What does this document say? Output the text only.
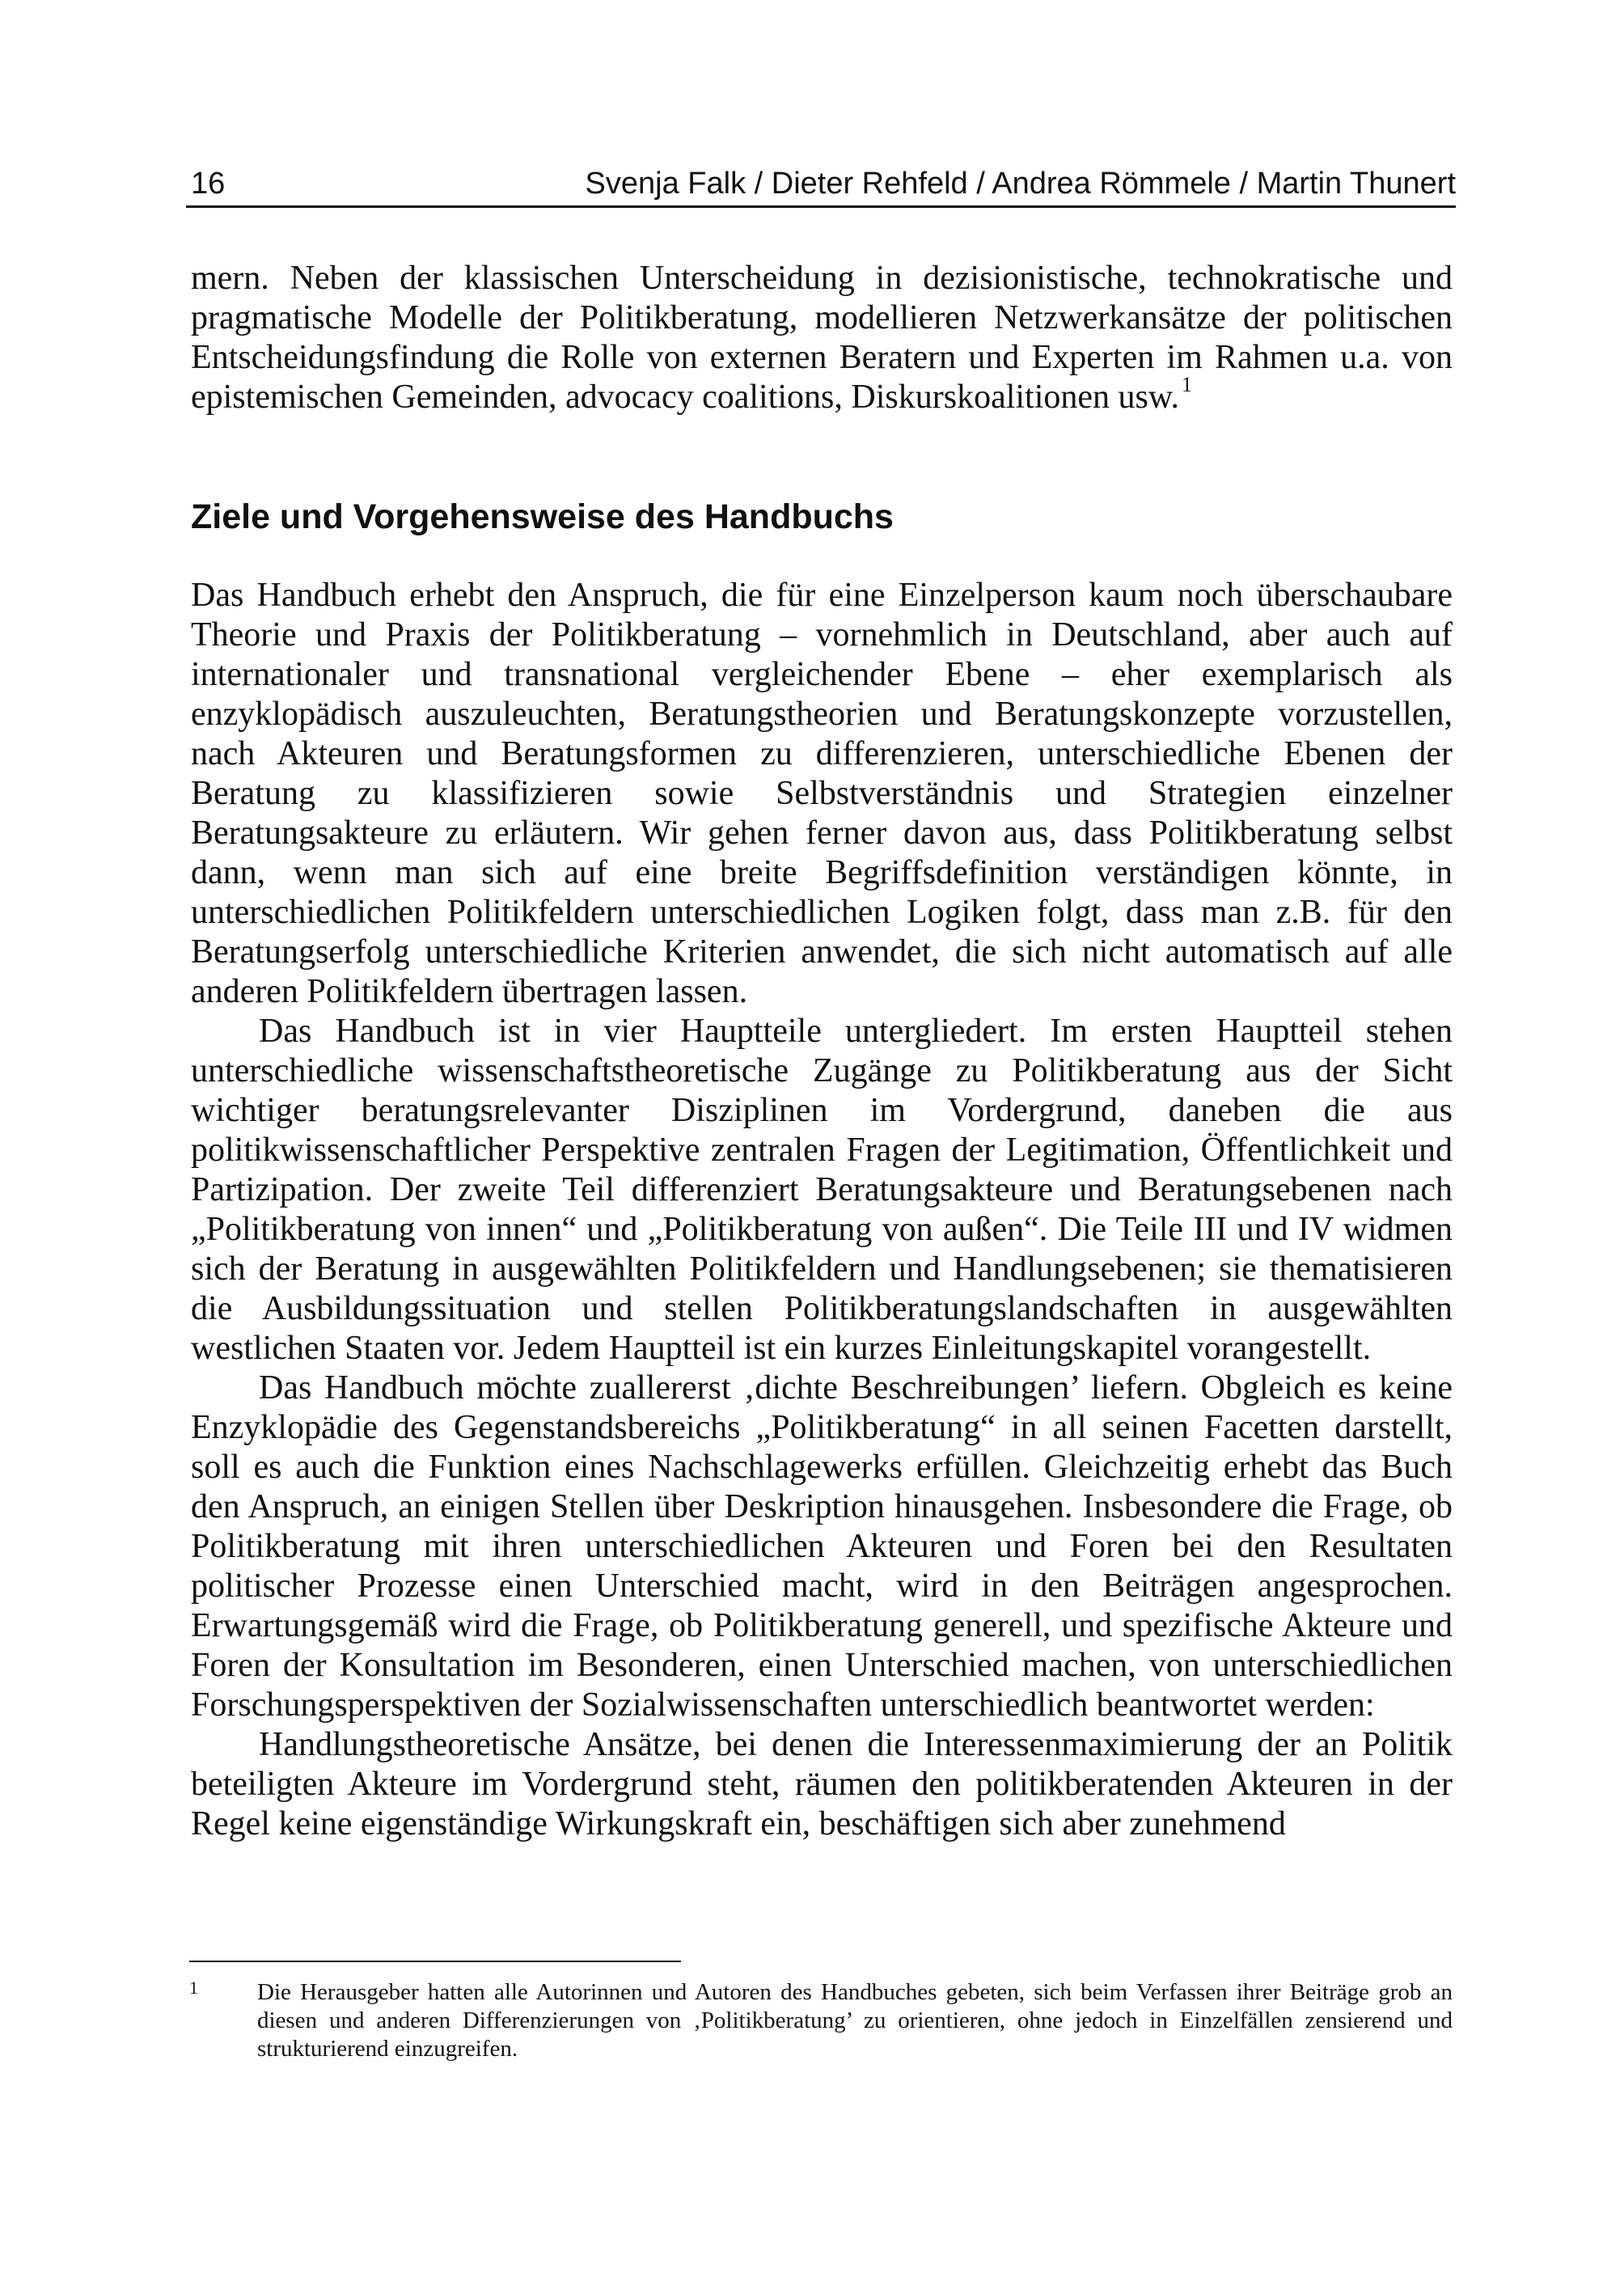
16	Svenja Falk / Dieter Rehfeld / Andrea Römmele / Martin Thunert

mern. Neben der klassischen Unterscheidung in dezisionistische, technokratische und pragmatische Modelle der Politikberatung, modellieren Netzwerkansätze der politischen Entscheidungsfindung die Rolle von externen Beratern und Experten im Rahmen u.a. von epistemischen Gemeinden, advocacy coalitions, Diskurskoalitionen usw. $^1$

Ziele und Vorgehensweise des Handbuchs

Das Handbuch erhebt den Anspruch, die für eine Einzelperson kaum noch überschaubare Theorie und Praxis der Politikberatung – vornehmlich in Deutschland, aber auch auf internationaler und transnational vergleichender Ebene – eher exemplarisch als enzyklopädisch auszuleuchten, Beratungstheorien und Beratungskonzepte vorzustellen, nach Akteuren und Beratungsformen zu differenzieren, unterschiedliche Ebenen der Beratung zu klassifizieren sowie Selbstverständnis und Strategien einzelner Beratungsakteure zu erläutern. Wir gehen ferner davon aus, dass Politikberatung selbst dann, wenn man sich auf eine breite Begriffsdefinition verständigen könnte, in unterschiedlichen Politikfeldern unterschiedlichen Logiken folgt, dass man z.B. für den Beratungserfolg unterschiedliche Kriterien anwendet, die sich nicht automatisch auf alle anderen Politikfeldern übertragen lassen.

Das Handbuch ist in vier Hauptteile untergliedert. Im ersten Hauptteil stehen unterschiedliche wissenschaftstheoretische Zugänge zu Politikberatung aus der Sicht wichtiger beratungsrelevanter Disziplinen im Vordergrund, daneben die aus politikwissenschaftlicher Perspektive zentralen Fragen der Legitimation, Öffentlichkeit und Partizipation. Der zweite Teil differenziert Beratungsakteure und Beratungsebenen nach „Politikberatung von innen“ und „Politikberatung von außen“. Die Teile III und IV widmen sich der Beratung in ausgewählten Politikfeldern und Handlungsebenen; sie thematisieren die Ausbildungssituation und stellen Politikberatungslandschaften in ausgewählten westlichen Staaten vor. Jedem Hauptteil ist ein kurzes Einleitungskapitel vorangestellt.

Das Handbuch möchte zuallererst ‚dichte Beschreibungen’ liefern. Obgleich es keine Enzyklopädie des Gegenstandsbereichs „Politikberatung“ in all seinen Facetten darstellt, soll es auch die Funktion eines Nachschlagewerks erfüllen. Gleichzeitig erhebt das Buch den Anspruch, an einigen Stellen über Deskription hinausgehen. Insbesondere die Frage, ob Politikberatung mit ihren unterschiedlichen Akteuren und Foren bei den Resultaten politischer Prozesse einen Unterschied macht, wird in den Beiträgen angesprochen. Erwartungsgemäß wird die Frage, ob Politikberatung generell, und spezifische Akteure und Foren der Konsultation im Besonderen, einen Unterschied machen, von unterschiedlichen Forschungsperspektiven der Sozialwissenschaften unterschiedlich beantwortet werden:

Handlungstheoretische Ansätze, bei denen die Interessenmaximierung der an Politik beteiligten Akteure im Vordergrund steht, räumen den politikberatenden Akteuren in der Regel keine eigenständige Wirkungskraft ein, beschäftigen sich aber zunehmend

1	Die Herausgeber hatten alle Autorinnen und Autoren des Handbuches gebeten, sich beim Verfassen ihrer Beiträge grob an diesen und anderen Differenzierungen von ‚Politikberatung’ zu orientieren, ohne jedoch in Einzelfällen zensierend und strukturierend einzugreifen.
